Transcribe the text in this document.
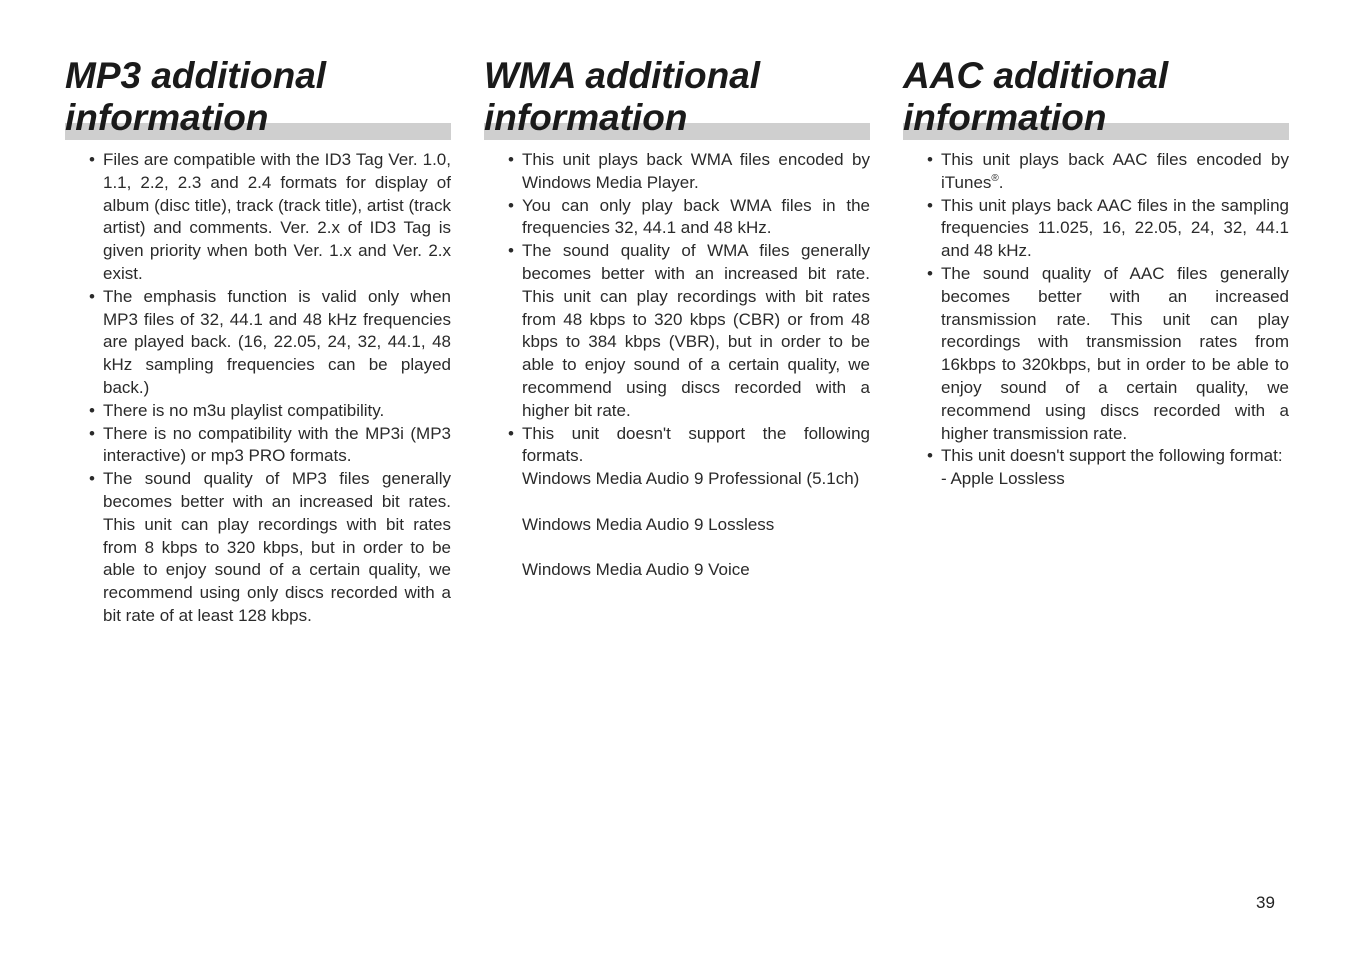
MP3 additional
information
• Files are compatible with the ID3 Tag Ver. 1.0, 1.1, 2.2, 2.3 and 2.4 formats for display of album (disc title), track (track title), artist (track artist) and comments. Ver. 2.x of ID3 Tag is given priority when both Ver. 1.x and Ver. 2.x exist.
• The emphasis function is valid only when MP3 files of 32, 44.1 and 48 kHz frequencies are played back. (16, 22.05, 24, 32, 44.1, 48 kHz sampling frequencies can be played back.)
• There is no m3u playlist compatibility.
• There is no compatibility with the MP3i (MP3 interactive) or mp3 PRO formats.
• The sound quality of MP3 files generally becomes better with an increased bit rates. This unit can play recordings with bit rates from 8 kbps to 320 kbps, but in order to be able to enjoy sound of a certain quality, we recommend using only discs recorded with a bit rate of at least 128 kbps.
WMA additional
information
• This unit plays back WMA files encoded by Windows Media Player.
• You can only play back WMA files in the frequencies 32, 44.1 and 48 kHz.
• The sound quality of WMA files generally becomes better with an increased bit rate. This unit can play recordings with bit rates from 48 kbps to 320 kbps (CBR) or from 48 kbps to 384 kbps (VBR), but in order to be able to enjoy sound of a certain quality, we recommend using discs recorded with a higher bit rate.
• This unit doesn't support the following formats.
Windows Media Audio 9 Professional (5.1ch)
Windows Media Audio 9 Lossless
Windows Media Audio 9 Voice
AAC additional
information
• This unit plays back AAC files encoded by iTunes®.
• This unit plays back AAC files in the sampling frequencies 11.025, 16, 22.05, 24, 32, 44.1 and 48 kHz.
• The sound quality of AAC files generally becomes better with an increased transmission rate. This unit can play recordings with transmission rates from 16kbps to 320kbps, but in order to be able to enjoy sound of a certain quality, we recommend using discs recorded with a higher transmission rate.
• This unit doesn't support the following format:
- Apple Lossless
39
